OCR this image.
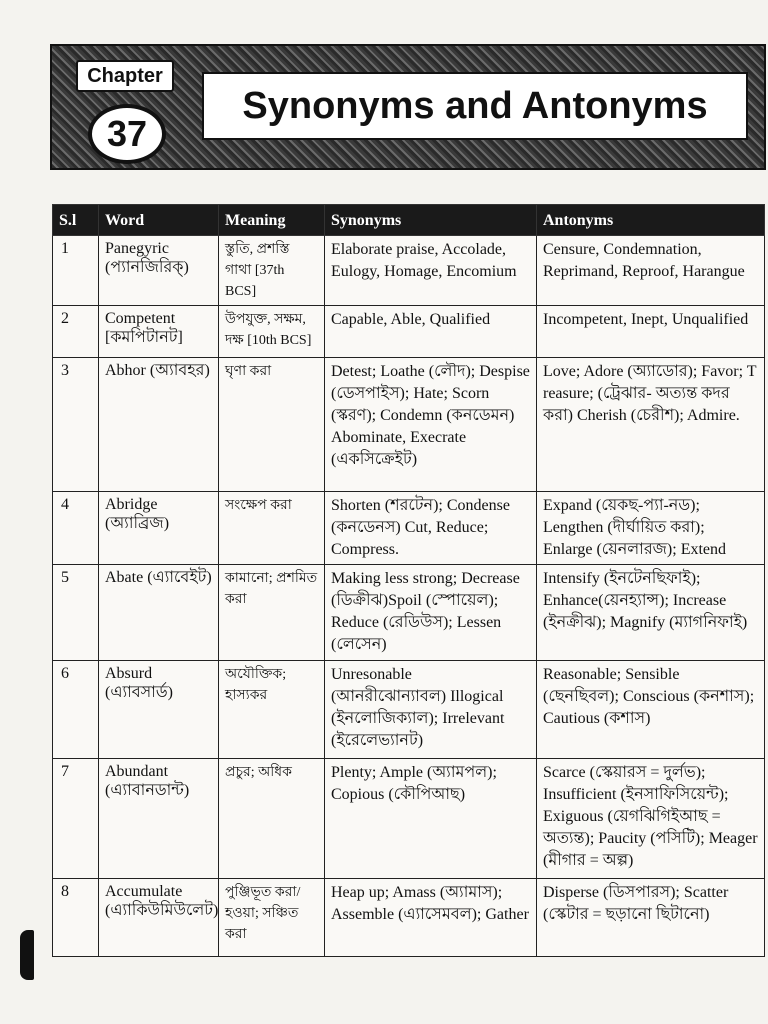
Chapter
37
Synonyms and Antonyms
S.l	Word	Meaning	Synonyms	Antonyms
1	Panegyric (প্যানজিরিক্)	স্তুতি, প্রশস্তি গাথা [37th BCS]	Elaborate praise, Accolade, Eulogy, Homage, Encomium	Censure, Condemnation, Reprimand, Reproof, Harangue
2	Competent [কমপিটানট]	উপযুক্ত, সক্ষম, দক্ষ [10th BCS]	Capable, Able, Qualified	Incompetent, Inept, Unqualified
3	Abhor (অ্যাবহর)	ঘৃণা করা	Detest; Loathe (লৌদ); Despise (ডেসপাইস); Hate; Scorn (স্করণ); Condemn (কনডেমন) Abominate, Execrate (একসিক্রেইট)	Love; Adore (অ্যাডোর); Favor; T reasure; (ট্রেঝার- অত্যন্ত কদর করা) Cherish (চেরীশ); Admire.
4	Abridge (অ্যাব্রিজ)	সংক্ষেপ করা	Shorten (শরটেন); Condense (কনডেনস) Cut, Reduce; Compress.	Expand (য়েকছ-প্যা-নড); Lengthen (দীর্ঘায়িত করা); Enlarge (য়েনলারজ); Extend
5	Abate (এ্যাবেইট)	কামানো; প্রশমিত করা	Making less strong; Decrease (ডিক্রীঝ)Spoil (স্পোয়েল); Reduce (রেডিউস); Lessen (লেসেন)	Intensify (ইনটেনছিফাই); Enhance(য়েনহ্যান্স); Increase (ইনক্রীঝ); Magnify (ম্যাগনিফাই)
6	Absurd (এ্যাবসার্ড)	অযৌক্তিক; হাস্যকর	Unresonable (আনরীঝোন্যাবল) Illogical (ইনলোজিক্যাল); Irrelevant (ইরেলেভ্যানট)	Reasonable; Sensible (ছেনছিবল); Conscious (কনশাস); Cautious (কশাস)
7	Abundant (এ্যাবানডান্ট)	প্রচুর; অধিক	Plenty; Ample (অ্যামপল); Copious (কৌপিআছ)	Scarce (স্কেয়ারস = দুর্লভ); Insufficient (ইনসাফিসিয়েন্ট); Exiguous (য়েগঝিগিইআছ = অত্যন্ত); Paucity (পসিটি); Meager (মীগার = অল্প)
8	Accumulate (এ্যাকিউমিউলেট)	পুঞ্জিভূত করা/হওয়া; সঞ্চিত করা	Heap up; Amass (অ্যামাস); Assemble (এ্যাসেমবল); Gather	Disperse (ডিসপারস); Scatter (স্কেটার = ছড়ানো ছিটানো)
